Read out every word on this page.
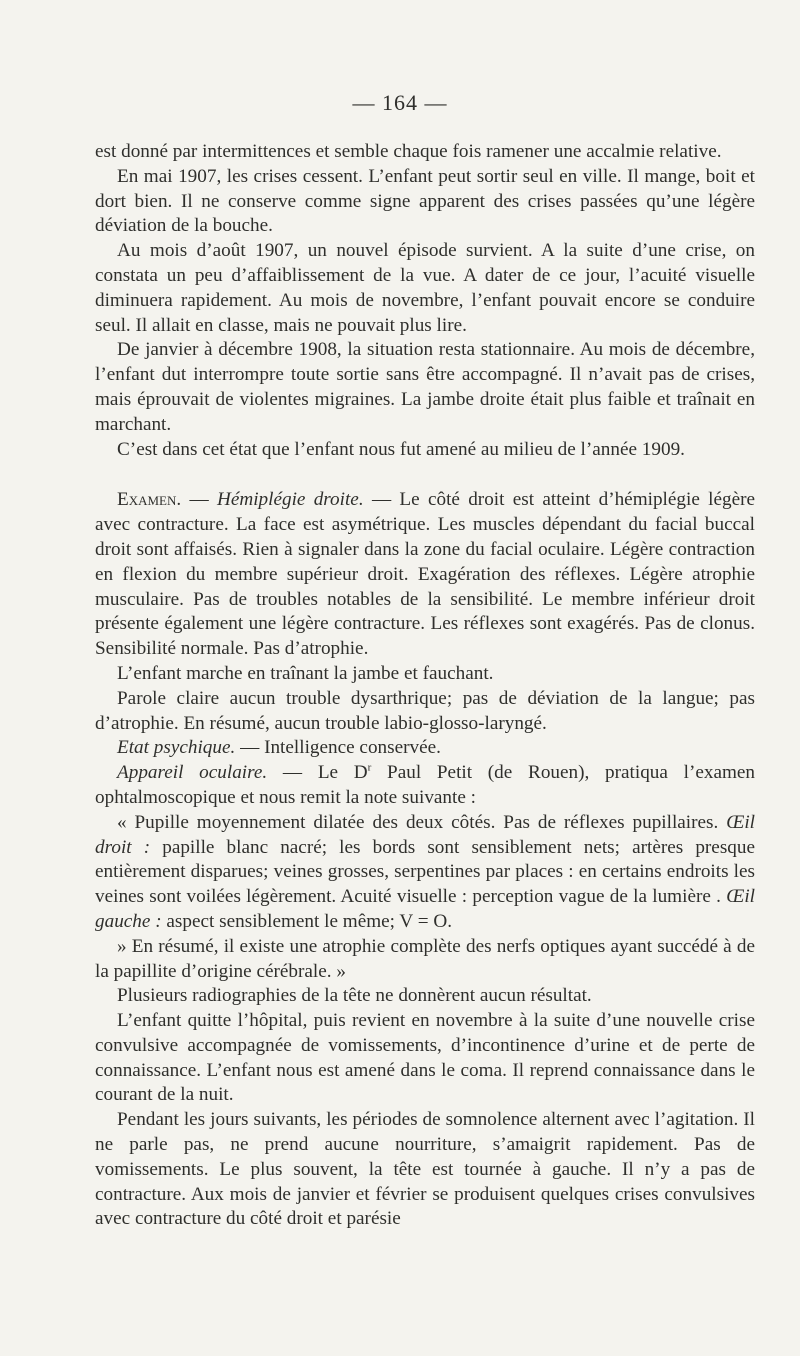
— 164 —

est donné par intermittences et semble chaque fois ramener une accalmie relative.

En mai 1907, les crises cessent. L’enfant peut sortir seul en ville. Il mange, boit et dort bien. Il ne conserve comme signe apparent des crises passées qu’une légère déviation de la bouche.

Au mois d’août 1907, un nouvel épisode survient. A la suite d’une crise, on constata un peu d’affaiblissement de la vue. A dater de ce jour, l’acuité visuelle diminuera rapidement. Au mois de novembre, l’enfant pouvait encore se conduire seul. Il allait en classe, mais ne pouvait plus lire.

De janvier à décembre 1908, la situation resta stationnaire. Au mois de décembre, l’enfant dut interrompre toute sortie sans être accompagné. Il n’avait pas de crises, mais éprouvait de violentes migraines. La jambe droite était plus faible et traînait en marchant.

C’est dans cet état que l’enfant nous fut amené au milieu de l’année 1909.

Examen. — Hémiplégie droite. — Le côté droit est atteint d’hémiplégie légère avec contracture. La face est asymétrique. Les muscles dépendant du facial buccal droit sont affaisés. Rien à signaler dans la zone du facial oculaire. Légère contraction en flexion du membre supérieur droit. Exagération des réflexes. Légère atrophie musculaire. Pas de troubles notables de la sensibilité. Le membre inférieur droit présente également une légère contracture. Les réflexes sont exagérés. Pas de clonus. Sensibilité normale. Pas d’atrophie.

L’enfant marche en traînant la jambe et fauchant.

Parole claire aucun trouble dysarthrique; pas de déviation de la langue; pas d’atrophie. En résumé, aucun trouble labio-glosso-laryngé.

Etat psychique. — Intelligence conservée.

Appareil oculaire. — Le $D^r$ Paul Petit (de Rouen), pratiqua l’examen ophtalmoscopique et nous remit la note suivante :

« Pupille moyennement dilatée des deux côtés. Pas de réflexes pupillaires. Œil droit : papille blanc nacré; les bords sont sensiblement nets; artères presque entièrement disparues; veines grosses, serpentines par places : en certains endroits les veines sont voilées légèrement. Acuité visuelle : perception vague de la lumière . Œil gauche : aspect sensiblement le même; V = O.

» En résumé, il existe une atrophie complète des nerfs optiques ayant succédé à de la papillite d’origine cérébrale. »

Plusieurs radiographies de la tête ne donnèrent aucun résultat.

L’enfant quitte l’hôpital, puis revient en novembre à la suite d’une nouvelle crise convulsive accompagnée de vomissements, d’incontinence d’urine et de perte de connaissance. L’enfant nous est amené dans le coma. Il reprend connaissance dans le courant de la nuit.

Pendant les jours suivants, les périodes de somnolence alternent avec l’agitation. Il ne parle pas, ne prend aucune nourriture, s’amaigrit rapidement. Pas de vomissements. Le plus souvent, la tête est tournée à gauche. Il n’y a pas de contracture. Aux mois de janvier et février se produisent quelques crises convulsives avec contracture du côté droit et parésie
